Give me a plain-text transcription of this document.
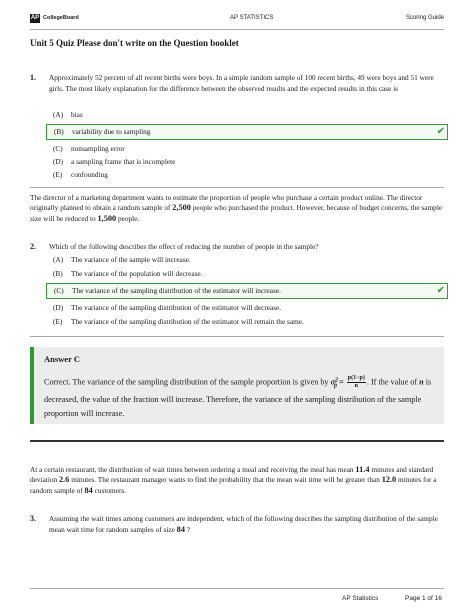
AP CollegeBoard	AP STATISTICS	Scoring Guide
Unit 5 Quiz Please don't write on the Question booklet
1. Approximately 52 percent of all recent births were boys. In a simple random sample of 100 recent births, 49 were boys and 51 were girls. The most likely explanation for the difference between the observed results and the expected results in this case is
(A) bias
(B) variability due to sampling	✔
(C) nonsampling error
(D) a sampling frame that is incomplete
(E) confounding
The director of a marketing department wants to estimate the proportion of people who purchase a certain product online. The director originally planned to obtain a random sample of 2,500 people who purchased the product. However, because of budget concerns, the sample size will be reduced to 1,500 people.
2. Which of the following describes the effect of reducing the number of people in the sample?
(A) The variance of the sample will increase.
(B) The variance of the population will decrease.
(C) The variance of the sampling distribution of the estimator will increase.	✔
(D) The variance of the sampling distribution of the estimator will decrease.
(E) The variance of the sampling distribution of the estimator will remain the same.
Answer C
Correct. The variance of the sampling distribution of the sample proportion is given by $\sigma^2_{p̂} = \frac{p(1-p)}{n}$ . If the value of n is decreased, the value of the fraction will increase. Therefore, the variance of the sampling distribution of the sample proportion will increase.
At a certain restaurant, the distribution of wait times between ordering a meal and receiving the meal has mean 11.4 minutes and standard deviation 2.6 minutes. The restaurant manager wants to find the probability that the mean wait time will be greater than 12.0 minutes for a random sample of 84 customers.
3. Assuming the wait times among customers are independent, which of the following describes the sampling distribution of the sample mean wait time for random samples of size 84 ?
AP Statistics	Page 1 of 16
